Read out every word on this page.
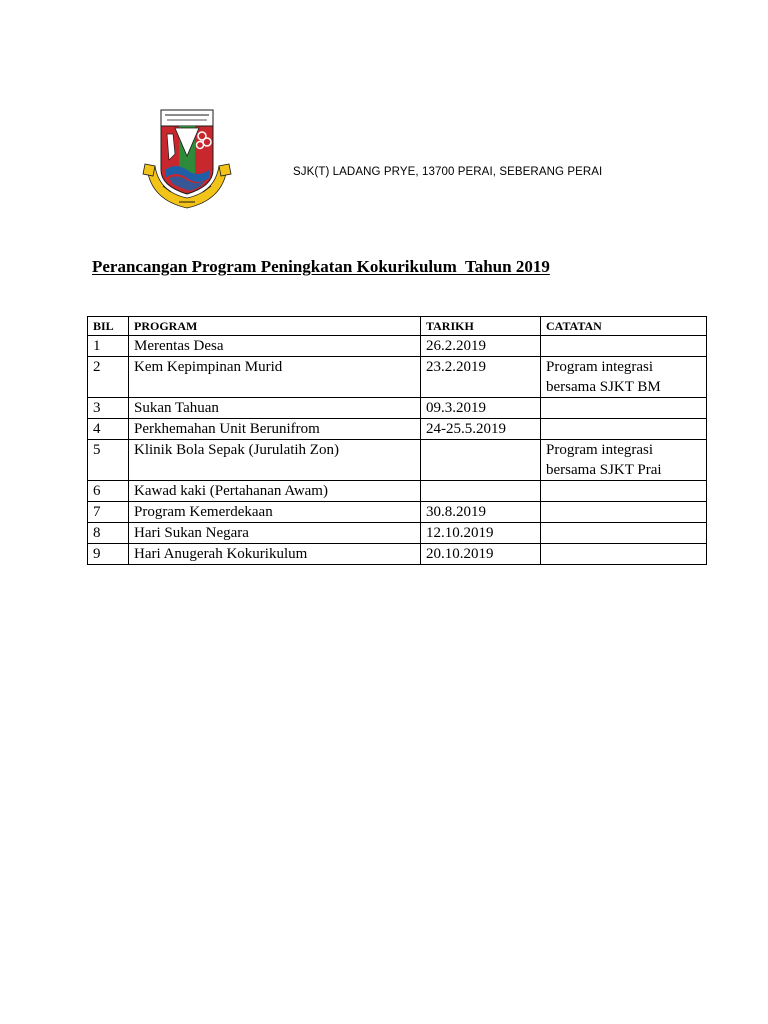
SJK(T) LADANG PRYE, 13700 PERAI, SEBERANG PERAI
Perancangan Program Peningkatan Kokurikulum  Tahun 2019
BIL	PROGRAM	TARIKH	CATATAN
1	Merentas Desa	26.2.2019	
2	Kem Kepimpinan Murid	23.2.2019	Program integrasi
bersama SJKT BM
3	Sukan Tahuan	09.3.2019	
4	Perkhemahan Unit Berunifrom	24-25.5.2019	
5	Klinik Bola Sepak (Jurulatih Zon)		Program integrasi
bersama SJKT Prai
6	Kawad kaki (Pertahanan Awam)		
7	Program Kemerdekaan	30.8.2019	
8	Hari Sukan Negara	12.10.2019	
9	Hari Anugerah Kokurikulum	20.10.2019	
